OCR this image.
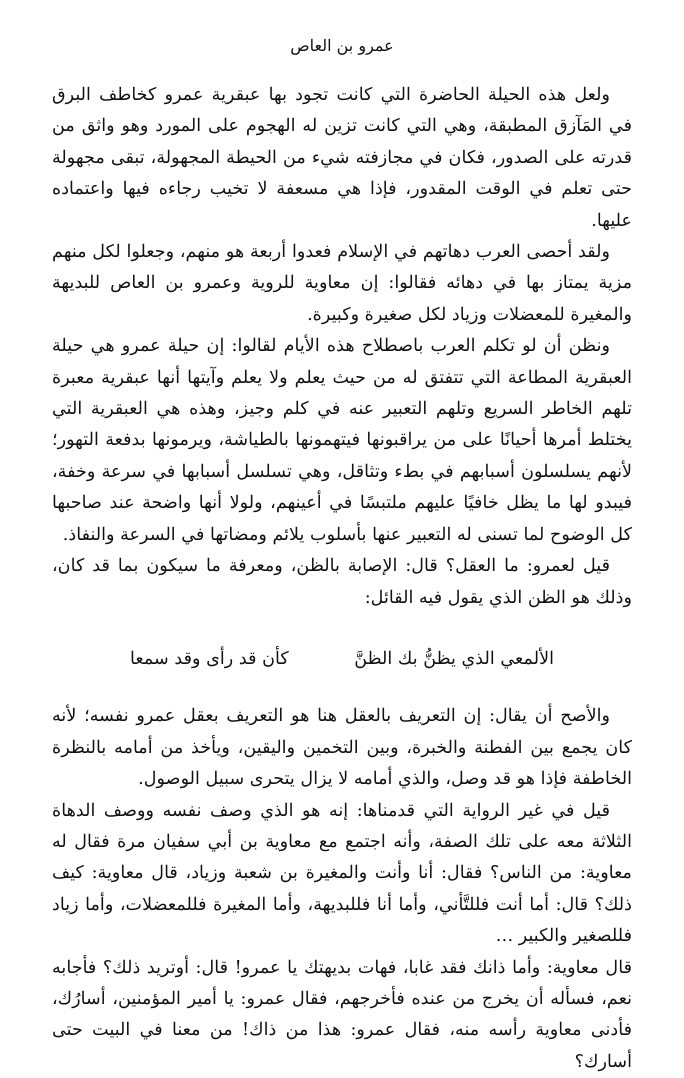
عمرو بن العاص

ولعل هذه الحيلة الحاضرة التي كانت تجود بها عبقرية عمرو كخاطف البرق في المَآزق المطبقة، وهي التي كانت تزين له الهجوم على المورد وهو واثق من قدرته على الصدور، فكان في مجازفته شيء من الحيطة المجهولة، تبقى مجهولة حتى تعلم في الوقت المقدور، فإذا هي مسعفة لا تخيب رجاءه فيها واعتماده عليها.

ولقد أحصى العرب دهاتهم في الإسلام فعدوا أربعة هو منهم، وجعلوا لكل منهم مزية يمتاز بها في دهائه فقالوا: إن معاوية للروية وعمرو بن العاص للبديهة والمغيرة للمعضلات وزياد لكل صغيرة وكبيرة.

ونظن أن لو تكلم العرب باصطلاح هذه الأيام لقالوا: إن حيلة عمرو هي حيلة العبقرية المطاعة التي تتفتق له من حيث يعلم ولا يعلم وآيتها أنها عبقرية معبرة تلهم الخاطر السريع وتلهم التعبير عنه في كلم وجيز، وهذه هي العبقرية التي يختلط أمرها أحيانًا على من يراقبونها فيتهمونها بالطياشة، ويرمونها بدفعة التهور؛ لأنهم يسلسلون أسبابهم في بطء وتثاقل، وهي تسلسل أسبابها في سرعة وخفة، فيبدو لها ما يظل خافيًا عليهم ملتبسًا في أعينهم، ولولا أنها واضحة عند صاحبها كل الوضوح لما تسنى له التعبير عنها بأسلوب يلائم ومضاتها في السرعة والنفاذ.

قيل لعمرو: ما العقل؟ قال: الإصابة بالظن، ومعرفة ما سيكون بما قد كان، وذلك هو الظن الذي يقول فيه القائل:

الألمعي الذي يظنُّ بك الظنَّ
كأن قد رأى وقد سمعا

والأصح أن يقال: إن التعريف بالعقل هنا هو التعريف بعقل عمرو نفسه؛ لأنه كان يجمع بين الفطنة والخبرة، وبين التخمين واليقين، ويأخذ من أمامه بالنظرة الخاطفة فإذا هو قد وصل، والذي أمامه لا يزال يتحرى سبيل الوصول.

قيل في غير الرواية التي قدمناها: إنه هو الذي وصف نفسه ووصف الدهاة الثلاثة معه على تلك الصفة، وأنه اجتمع مع معاوية بن أبي سفيان مرة فقال له معاوية: من الناس؟ فقال: أنا وأنت والمغيرة بن شعبة وزياد، قال معاوية: كيف ذلك؟ قال: أما أنت فللتَّأني، وأما أنا فللبديهة، وأما المغيرة فللمعضلات، وأما زياد فللصغير والكبير …

قال معاوية: وأما ذانك فقد غابا، فهات بديهتك يا عمرو! قال: أوتريد ذلك؟ فأجابه نعم، فسأله أن يخرج من عنده فأخرجهم، فقال عمرو: يا أمير المؤمنين، أسارُك، فأدنى معاوية رأسه منه، فقال عمرو: هذا من ذاك! من معنا في البيت حتى أسارك؟
